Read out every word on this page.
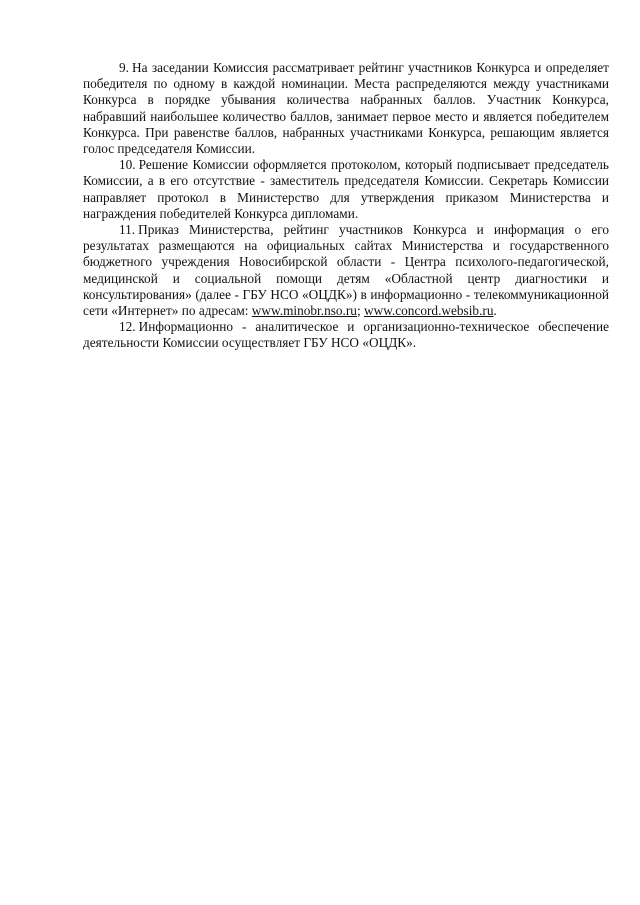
9. На заседании Комиссия рассматривает рейтинг участников Конкурса и определяет победителя по одному в каждой номинации. Места распределяются между участниками Конкурса в порядке убывания количества набранных баллов. Участник Конкурса, набравший наибольшее количество баллов, занимает первое место и является победителем Конкурса. При равенстве баллов, набранных участниками Конкурса, решающим является голос председателя Комиссии.

10. Решение Комиссии оформляется протоколом, который подписывает председатель Комиссии, а в его отсутствие - заместитель председателя Комиссии. Секретарь Комиссии направляет протокол в Министерство для утверждения приказом Министерства и награждения победителей Конкурса дипломами.

11. Приказ Министерства, рейтинг участников Конкурса и информация о его результатах размещаются на официальных сайтах Министерства и государственного бюджетного учреждения Новосибирской области - Центра психолого-педагогической, медицинской и социальной помощи детям «Областной центр диагностики и консультирования» (далее - ГБУ НСО «ОЦДК») в информационно - телекоммуникационной сети «Интернет» по адресам: www.minobr.nso.ru; www.concord.websib.ru.

12. Информационно - аналитическое и организационно-техническое обеспечение деятельности Комиссии осуществляет ГБУ НСО «ОЦДК».
